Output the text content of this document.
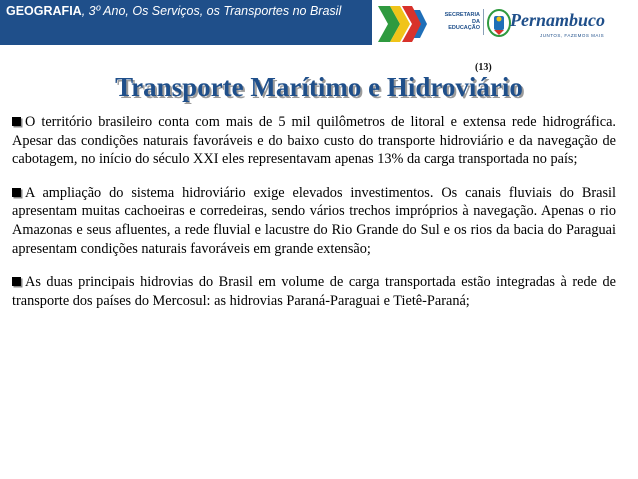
GEOGRAFIA, 3º Ano, Os Serviços, os Transportes no Brasil	SECRETARIA
DA EDUCAÇÃO Pernambuco
JUNTOS, FAZEMOS MAIS
(13)
Transporte Marítimo e Hidroviário

O território brasileiro conta com mais de 5 mil quilômetros de litoral e extensa rede hidrográfica. Apesar das condições naturais favoráveis e do baixo custo do transporte hidroviário e da navegação de cabotagem, no início do século XXI eles representavam apenas 13% da carga transportada no país;

A ampliação do sistema hidroviário exige elevados investimentos. Os canais fluviais do Brasil apresentam muitas cachoeiras e corredeiras, sendo vários trechos impróprios à navegação. Apenas o rio Amazonas e seus afluentes, a rede fluvial e lacustre do Rio Grande do Sul e os rios da bacia do Paraguai apresentam condições naturais favoráveis em grande extensão;

As duas principais hidrovias do Brasil em volume de carga transportada estão integradas à rede de transporte dos países do Mercosul: as hidrovias Paraná-Paraguai e Tietê-Paraná;
